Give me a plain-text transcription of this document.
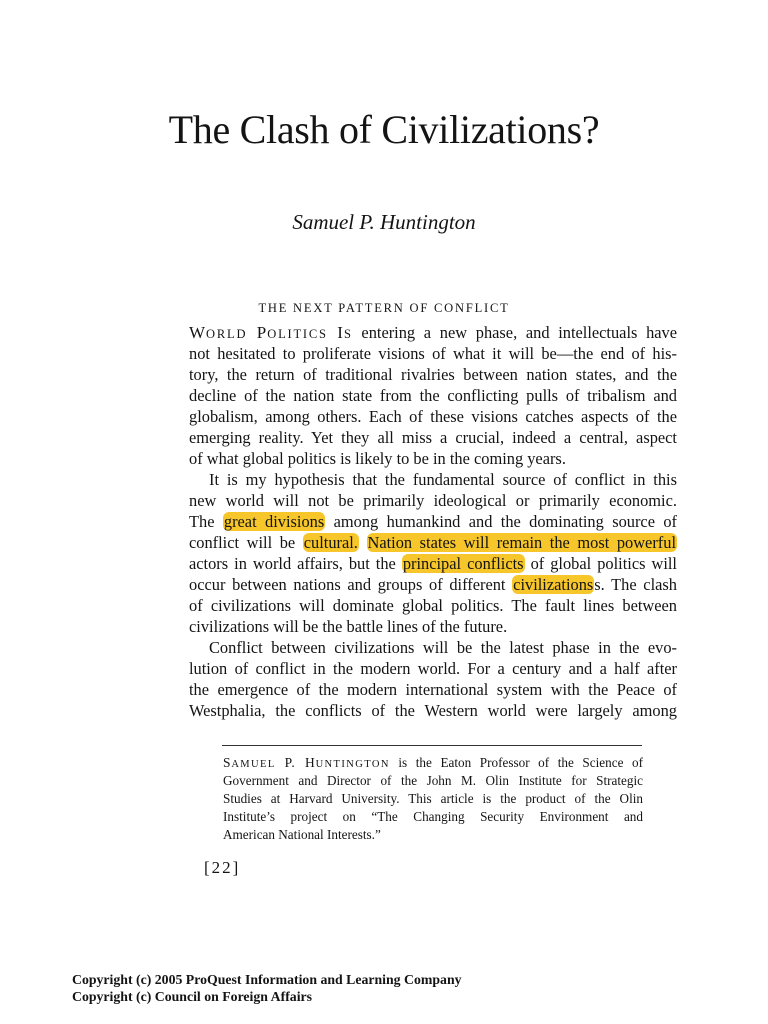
The Clash of Civilizations?
Samuel P. Huntington
THE NEXT PATTERN OF CONFLICT
WORLD POLITICS IS entering a new phase, and intellectuals have
not hesitated to proliferate visions of what it will be—the end of his-
tory, the return of traditional rivalries between nation states, and the
decline of the nation state from the conflicting pulls of tribalism and
globalism, among others. Each of these visions catches aspects of the
emerging reality. Yet they all miss a crucial, indeed a central, aspect
of what global politics is likely to be in the coming years.
It is my hypothesis that the fundamental source of conflict in this
new world will not be primarily ideological or primarily economic.
The great divisions among humankind and the dominating source of
conflict will be cultural. Nation states will remain the most powerful
actors in world affairs, but the principal conflicts of global politics will
occur between nations and groups of different civilizationss. The clash
of civilizations will dominate global politics. The fault lines between
civilizations will be the battle lines of the future.
Conflict between civilizations will be the latest phase in the evo-
lution of conflict in the modern world. For a century and a half after
the emergence of the modern international system with the Peace of
Westphalia, the conflicts of the Western world were largely among
SAMUEL P. HUNTINGTON is the Eaton Professor of the Science of
Government and Director of the John M. Olin Institute for Strategic
Studies at Harvard University. This article is the product of the Olin
Institute’s project on “The Changing Security Environment and
American National Interests.”
[22]
Copyright (c) 2005 ProQuest Information and Learning Company
Copyright (c) Council on Foreign Affairs
